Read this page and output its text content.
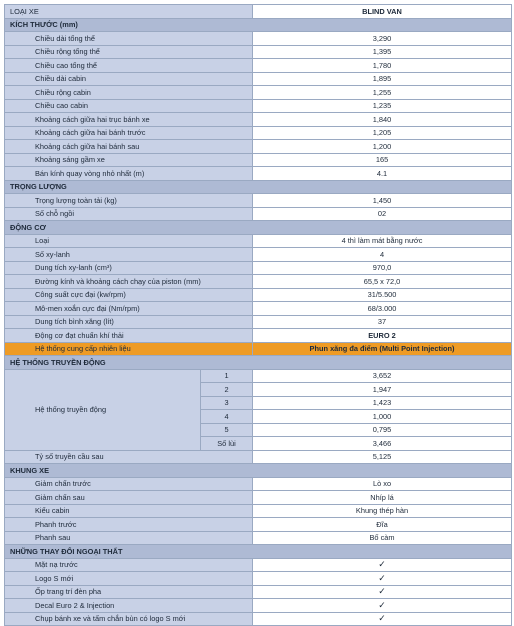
LOẠI XE		BLIND VAN
KÍCH THƯỚC (mm)		
Chiều dài tổng thể		3,290
Chiều rộng tổng thể		1,395
Chiều cao tổng thể		1,780
Chiều dài cabin		1,895
Chiều rộng cabin		1,255
Chiều cao cabin		1,235
Khoảng cách giữa hai trục bánh xe		1,840
Khoảng cách giữa hai bánh trước		1,205
Khoảng cách giữa hai bánh sau		1,200
Khoảng sáng gầm xe		165
Bán kính quay vòng nhỏ nhất (m)		4.1
TRỌNG LƯỢNG		
Trọng lượng toàn tải (kg)		1,450
Số chỗ ngồi		02
ĐỘNG CƠ		
Loại		4 thì làm mát bằng nước
Số xy-lanh		4
Dung tích xy-lanh (cm³)		970,0
Đường kính và khoảng cách chạy của piston (mm)		65,5 x 72,0
Công suất cực đại (kw/rpm)		31/5.500
Mô-men xoắn cực đại (Nm/rpm)		68/3.000
Dung tích bình xăng (lít)		37
Động cơ đạt chuẩn khí thải		EURO 2
Hệ thống cung cấp nhiên liệu		Phun xăng đa điểm (Multi Point Injection)
HỆ THỐNG TRUYỀN ĐỘNG		
Hệ thống truyền động	1	3,652
	2	1,947
	3	1,423
	4	1,000
	5	0,795
	Số lùi	3,466
Tỷ số truyền cầu sau		5,125
KHUNG XE		
Giảm chấn trước		Lò xo
Giảm chấn sau		Nhíp lá
Kiểu cabin		Khung thép hàn
Phanh trước		Đĩa
Phanh sau		Bố càm
NHỮNG THAY ĐỔI NGOẠI THẤT		
Mặt nạ trước		✓
Logo S mới		✓
Ốp trang trí đèn pha		✓
Decal Euro 2 & Injection		✓
Chụp bánh xe và tấm chắn bùn có logo S mới		✓
